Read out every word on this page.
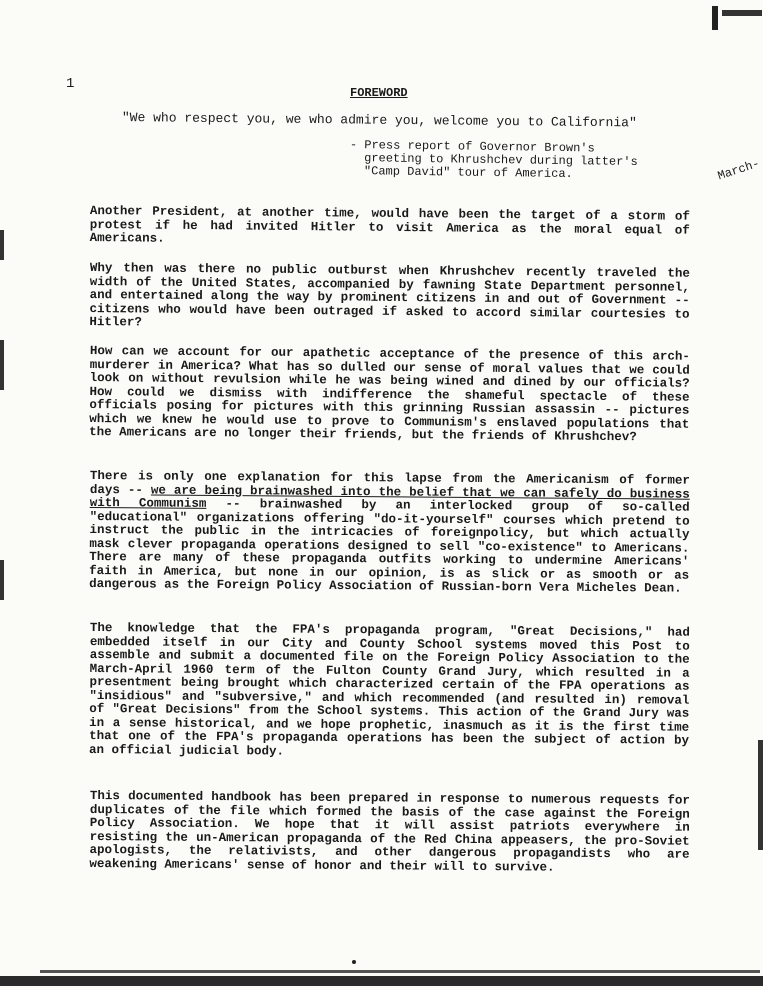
1
FOREWORD
"We who respect you, we who admire you, welcome you to California"

- Press report of Governor Brown's

greeting to Khrushchev during latter's

"Camp David" tour of America.	March-

Another President, at another time, would have been the target of a storm of protest if he had invited Hitler to visit America as the moral equal of Americans.

Why then was there no public outburst when Khrushchev recently traveled the width of the United States, accompanied by fawning State Department personnel, and entertained along the way by prominent citizens in and out of Government -- citizens who would have been outraged if asked to accord similar courtesies to Hitler?

How can we account for our apathetic acceptance of the presence of this arch-murderer in America? What has so dulled our sense of moral values that we could look on without revulsion while he was being wined and dined by our officials? How could we dismiss with indifference the shameful spectacle of these officials posing for pictures with this grinning Russian assassin -- pictures which we knew he would use to prove to Communism's enslaved populations that the Americans are no longer their friends, but the friends of Khrushchev?

There is only one explanation for this lapse from the Americanism of former days -- we are being brainwashed into the belief that we can safely do business with Communism -- brainwashed by an interlocked group of so-called "educational" organizations offering "do-it-yourself" courses which pretend to instruct the public in the intricacies of foreignpolicy, but which actually mask clever propaganda operations designed to sell "co-existence" to Americans. There are many of these propaganda outfits working to undermine Americans' faith in America, but none in our opinion, is as slick or as smooth or as dangerous as the Foreign Policy Association of Russian-born Vera Micheles Dean.

The knowledge that the FPA's propaganda program, "Great Decisions," had embedded itself in our City and County School systems moved this Post to assemble and submit a documented file on the Foreign Policy Association to the March-April 1960 term of the Fulton County Grand Jury, which resulted in a presentment being brought which characterized certain of the FPA operations as "insidious" and "subversive," and which recommended (and resulted in) removal of "Great Decisions" from the School systems. This action of the Grand Jury was in a sense historical, and we hope prophetic, inasmuch as it is the first time that one of the FPA's propaganda operations has been the subject of action by an official judicial body.

This documented handbook has been prepared in response to numerous requests for duplicates of the file which formed the basis of the case against the Foreign Policy Association. We hope that it will assist patriots everywhere in resisting the un-American propaganda of the Red China appeasers, the pro-Soviet apologists, the relativists, and other dangerous propagandists who are weakening Americans' sense of honor and their will to survive.
